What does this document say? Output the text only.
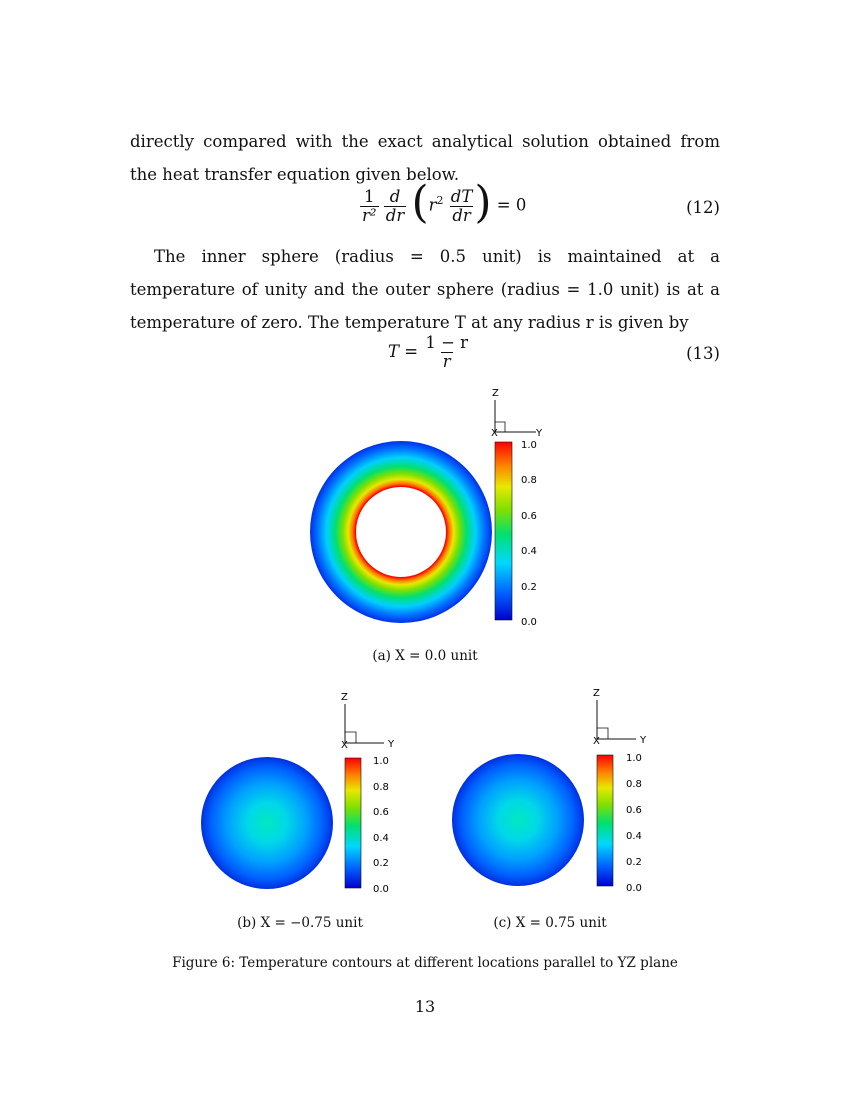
directly compared with the exact analytical solution obtained from the heat transfer equation given below.
$\frac{1}{\text{r²}}$
$\frac{d}{dr} (r^2 \frac{dT}{dr}$ ) = 0	(12)
The inner sphere (radius = 0.5 unit) is maintained at a temperature of unity and the outer sphere (radius = 1.0 unit) is at a temperature of zero. The temperature T at any radius r is given by
$T = \frac{1 - r}{r}$	(13)
Z
Y
X
1.0
0.8
0.6
0.4
0.2
0.0
Z
Y
X
1.0
0.8
0.6
0.4
0.2
0.0
Z
Y
X
1.0
0.8
0.6
0.4
0.2
0.0
(a) X = 0.0 unit
(b) X = −0.75 unit	(c) X = 0.75 unit
Figure 6: Temperature contours at different locations parallel to YZ plane
13
